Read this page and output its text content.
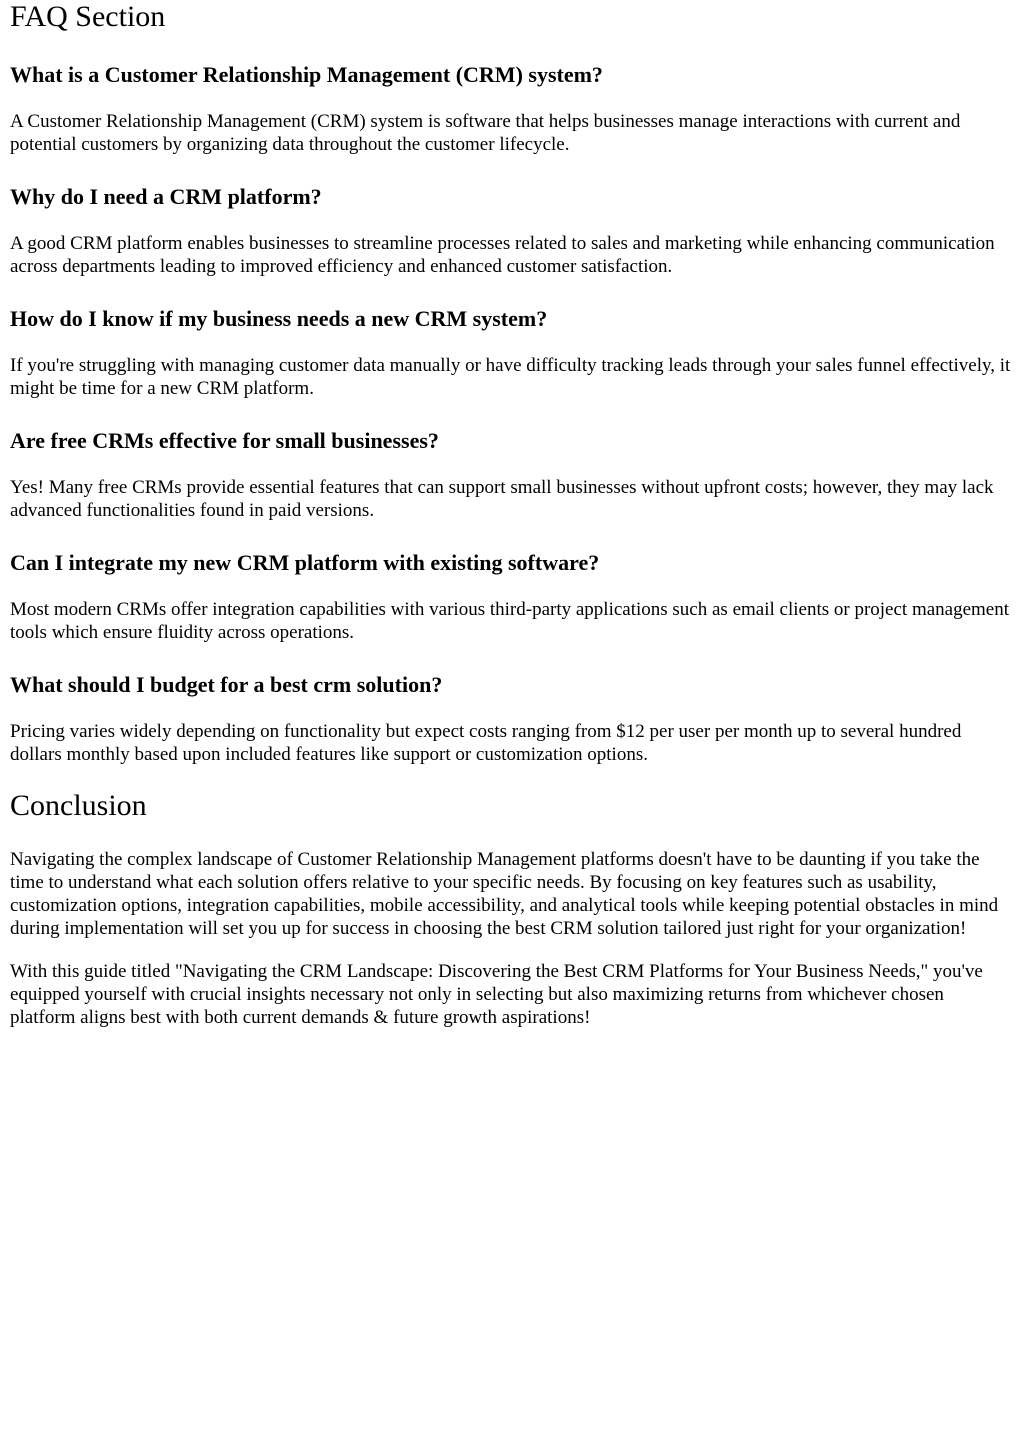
FAQ Section
What is a Customer Relationship Management (CRM) system?

A Customer Relationship Management (CRM) system is software that helps businesses manage interactions with current and potential customers by organizing data throughout the customer lifecycle.

Why do I need a CRM platform?

A good CRM platform enables businesses to streamline processes related to sales and marketing while enhancing communication across departments leading to improved efficiency and enhanced customer satisfaction.

How do I know if my business needs a new CRM system?

If you're struggling with managing customer data manually or have difficulty tracking leads through your sales funnel effectively, it might be time for a new CRM platform.

Are free CRMs effective for small businesses?

Yes! Many free CRMs provide essential features that can support small businesses without upfront costs; however, they may lack advanced functionalities found in paid versions.

Can I integrate my new CRM platform with existing software?

Most modern CRMs offer integration capabilities with various third-party applications such as email clients or project management tools which ensure fluidity across operations.

What should I budget for a best crm solution?

Pricing varies widely depending on functionality but expect costs ranging from $12 per user per month up to several hundred dollars monthly based upon included features like support or customization options.

Conclusion

Navigating the complex landscape of Customer Relationship Management platforms doesn't have to be daunting if you take the time to understand what each solution offers relative to your specific needs. By focusing on key features such as usability, customization options, integration capabilities, mobile accessibility, and analytical tools while keeping potential obstacles in mind during implementation will set you up for success in choosing the best CRM solution tailored just right for your organization!

With this guide titled "Navigating the CRM Landscape: Discovering the Best CRM Platforms for Your Business Needs," you've equipped yourself with crucial insights necessary not only in selecting but also maximizing returns from whichever chosen platform aligns best with both current demands & future growth aspirations!
